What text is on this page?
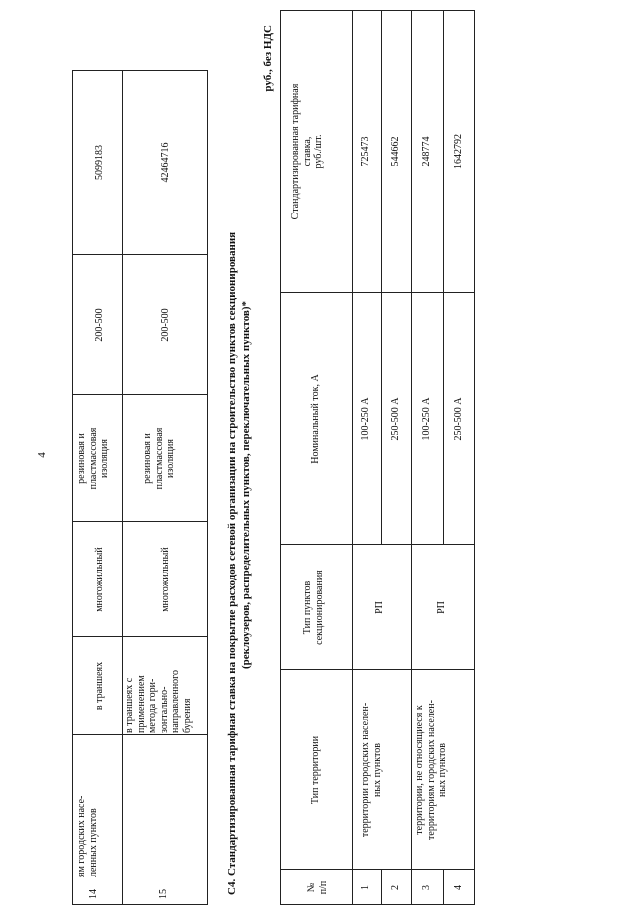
4
14
ям городских насе-
ленных пунктов
в траншеях
многожильный
резиновая и
пластмассовая
изоляция
200-500
5099183
15
в траншеях с
применением
метода гори-
зонтально-
направленного
бурения
многожильный
резиновая и
пластмассовая
изоляция
200-500
42464716
С4. Стандартизированная тарифная ставка на покрытие расходов сетевой организации на строительство пунктов секционирования (реклоузеров, распределительных пунктов, переключательных пунктов)*
руб., без НДС
№
п/п
Тип территории
Тип пунктов
секционирования
Номинальный ток, А
Стандартизированная тарифная
ставка,
руб./шт.
территории городских населен-
ных пунктов
РП
1
100-250 А
725473
2
250-500 А
544662
территории, не относящиеся к
территориям городских населен-
ных пунктов
РП
3
100-250 А
248774
4
250-500 А
1642792
